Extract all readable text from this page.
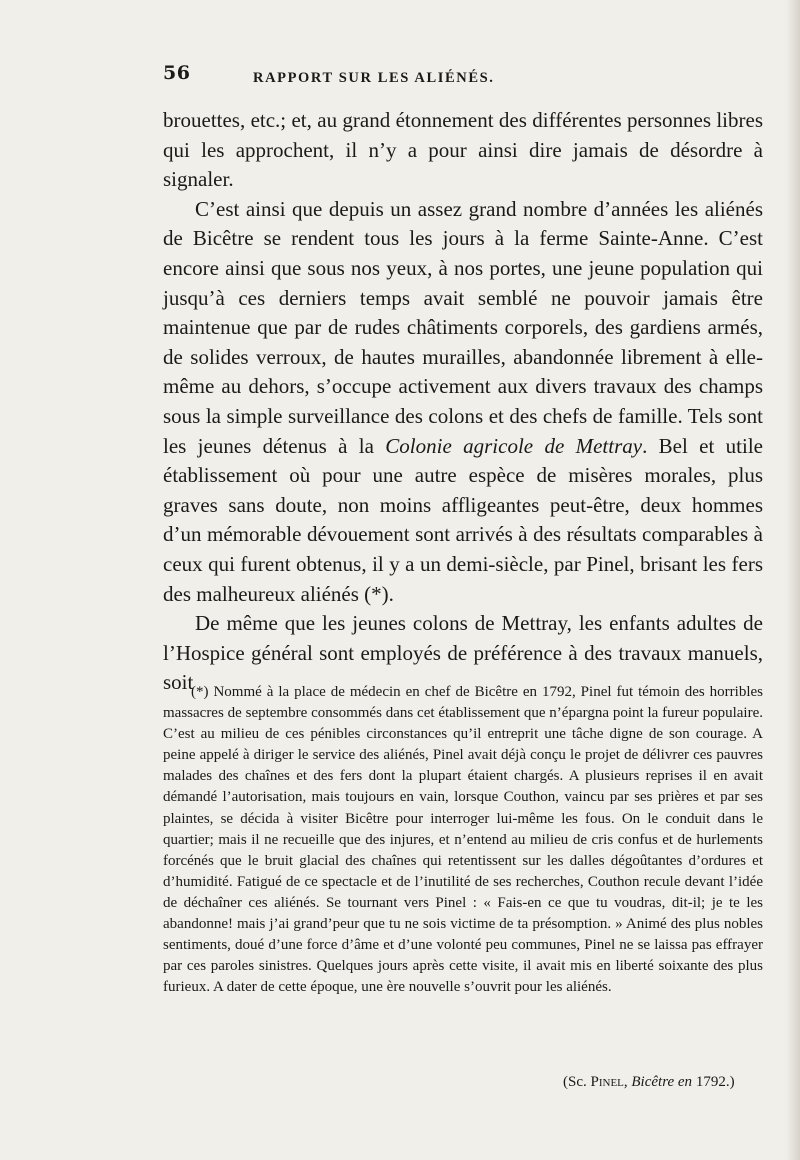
56	RAPPORT SUR LES ALIÉNÉS.

brouettes, etc.; et, au grand étonnement des différentes personnes libres qui les approchent, il n’y a pour ainsi dire jamais de désordre à signaler.

C’est ainsi que depuis un assez grand nombre d’années les aliénés de Bicêtre se rendent tous les jours à la ferme Sainte-Anne. C’est encore ainsi que sous nos yeux, à nos portes, une jeune population qui jusqu’à ces derniers temps avait semblé ne pouvoir jamais être maintenue que par de rudes châtiments corporels, des gardiens armés, de solides verroux, de hautes murailles, abandonnée librement à elle-même au dehors, s’occupe activement aux divers travaux des champs sous la simple surveillance des colons et des chefs de famille. Tels sont les jeunes détenus à la Colonie agricole de Mettray. Bel et utile établissement où pour une autre espèce de misères morales, plus graves sans doute, non moins affligeantes peut-être, deux hommes d’un mémorable dévouement sont arrivés à des résultats comparables à ceux qui furent obtenus, il y a un demi-siècle, par Pinel, brisant les fers des malheureux aliénés (*).

De même que les jeunes colons de Mettray, les enfants adultes de l’Hospice général sont employés de préférence à des travaux manuels, soit

(*) Nommé à la place de médecin en chef de Bicêtre en 1792, Pinel fut témoin des horribles massacres de septembre consommés dans cet établissement que n’épargna point la fureur populaire. C’est au milieu de ces pénibles circonstances qu’il entreprit une tâche digne de son courage. A peine appelé à diriger le service des aliénés, Pinel avait déjà conçu le projet de délivrer ces pauvres malades des chaînes et des fers dont la plupart étaient chargés. A plusieurs reprises il en avait démandé l’autorisation, mais toujours en vain, lorsque Couthon, vaincu par ses prières et par ses plaintes, se décida à visiter Bicêtre pour interroger lui-même les fous. On le conduit dans le quartier; mais il ne recueille que des injures, et n’entend au milieu de cris confus et de hurlements forcénés que le bruit glacial des chaînes qui retentissent sur les dalles dégoûtantes d’ordures et d’humidité. Fatigué de ce spectacle et de l’inutilité de ses recherches, Couthon recule devant l’idée de déchaîner ces aliénés. Se tournant vers Pinel : « Fais-en ce que tu voudras, dit-il; je te les abandonne! mais j’ai grand’peur que tu ne sois victime de ta présomption. » Animé des plus nobles sentiments, doué d’une force d’âme et d’une volonté peu communes, Pinel ne se laissa pas effrayer par ces paroles sinistres. Quelques jours après cette visite, il avait mis en liberté soixante des plus furieux. A dater de cette époque, une ère nouvelle s’ouvrit pour les aliénés.

(Sc. Pinel, Bicêtre en 1792.)
